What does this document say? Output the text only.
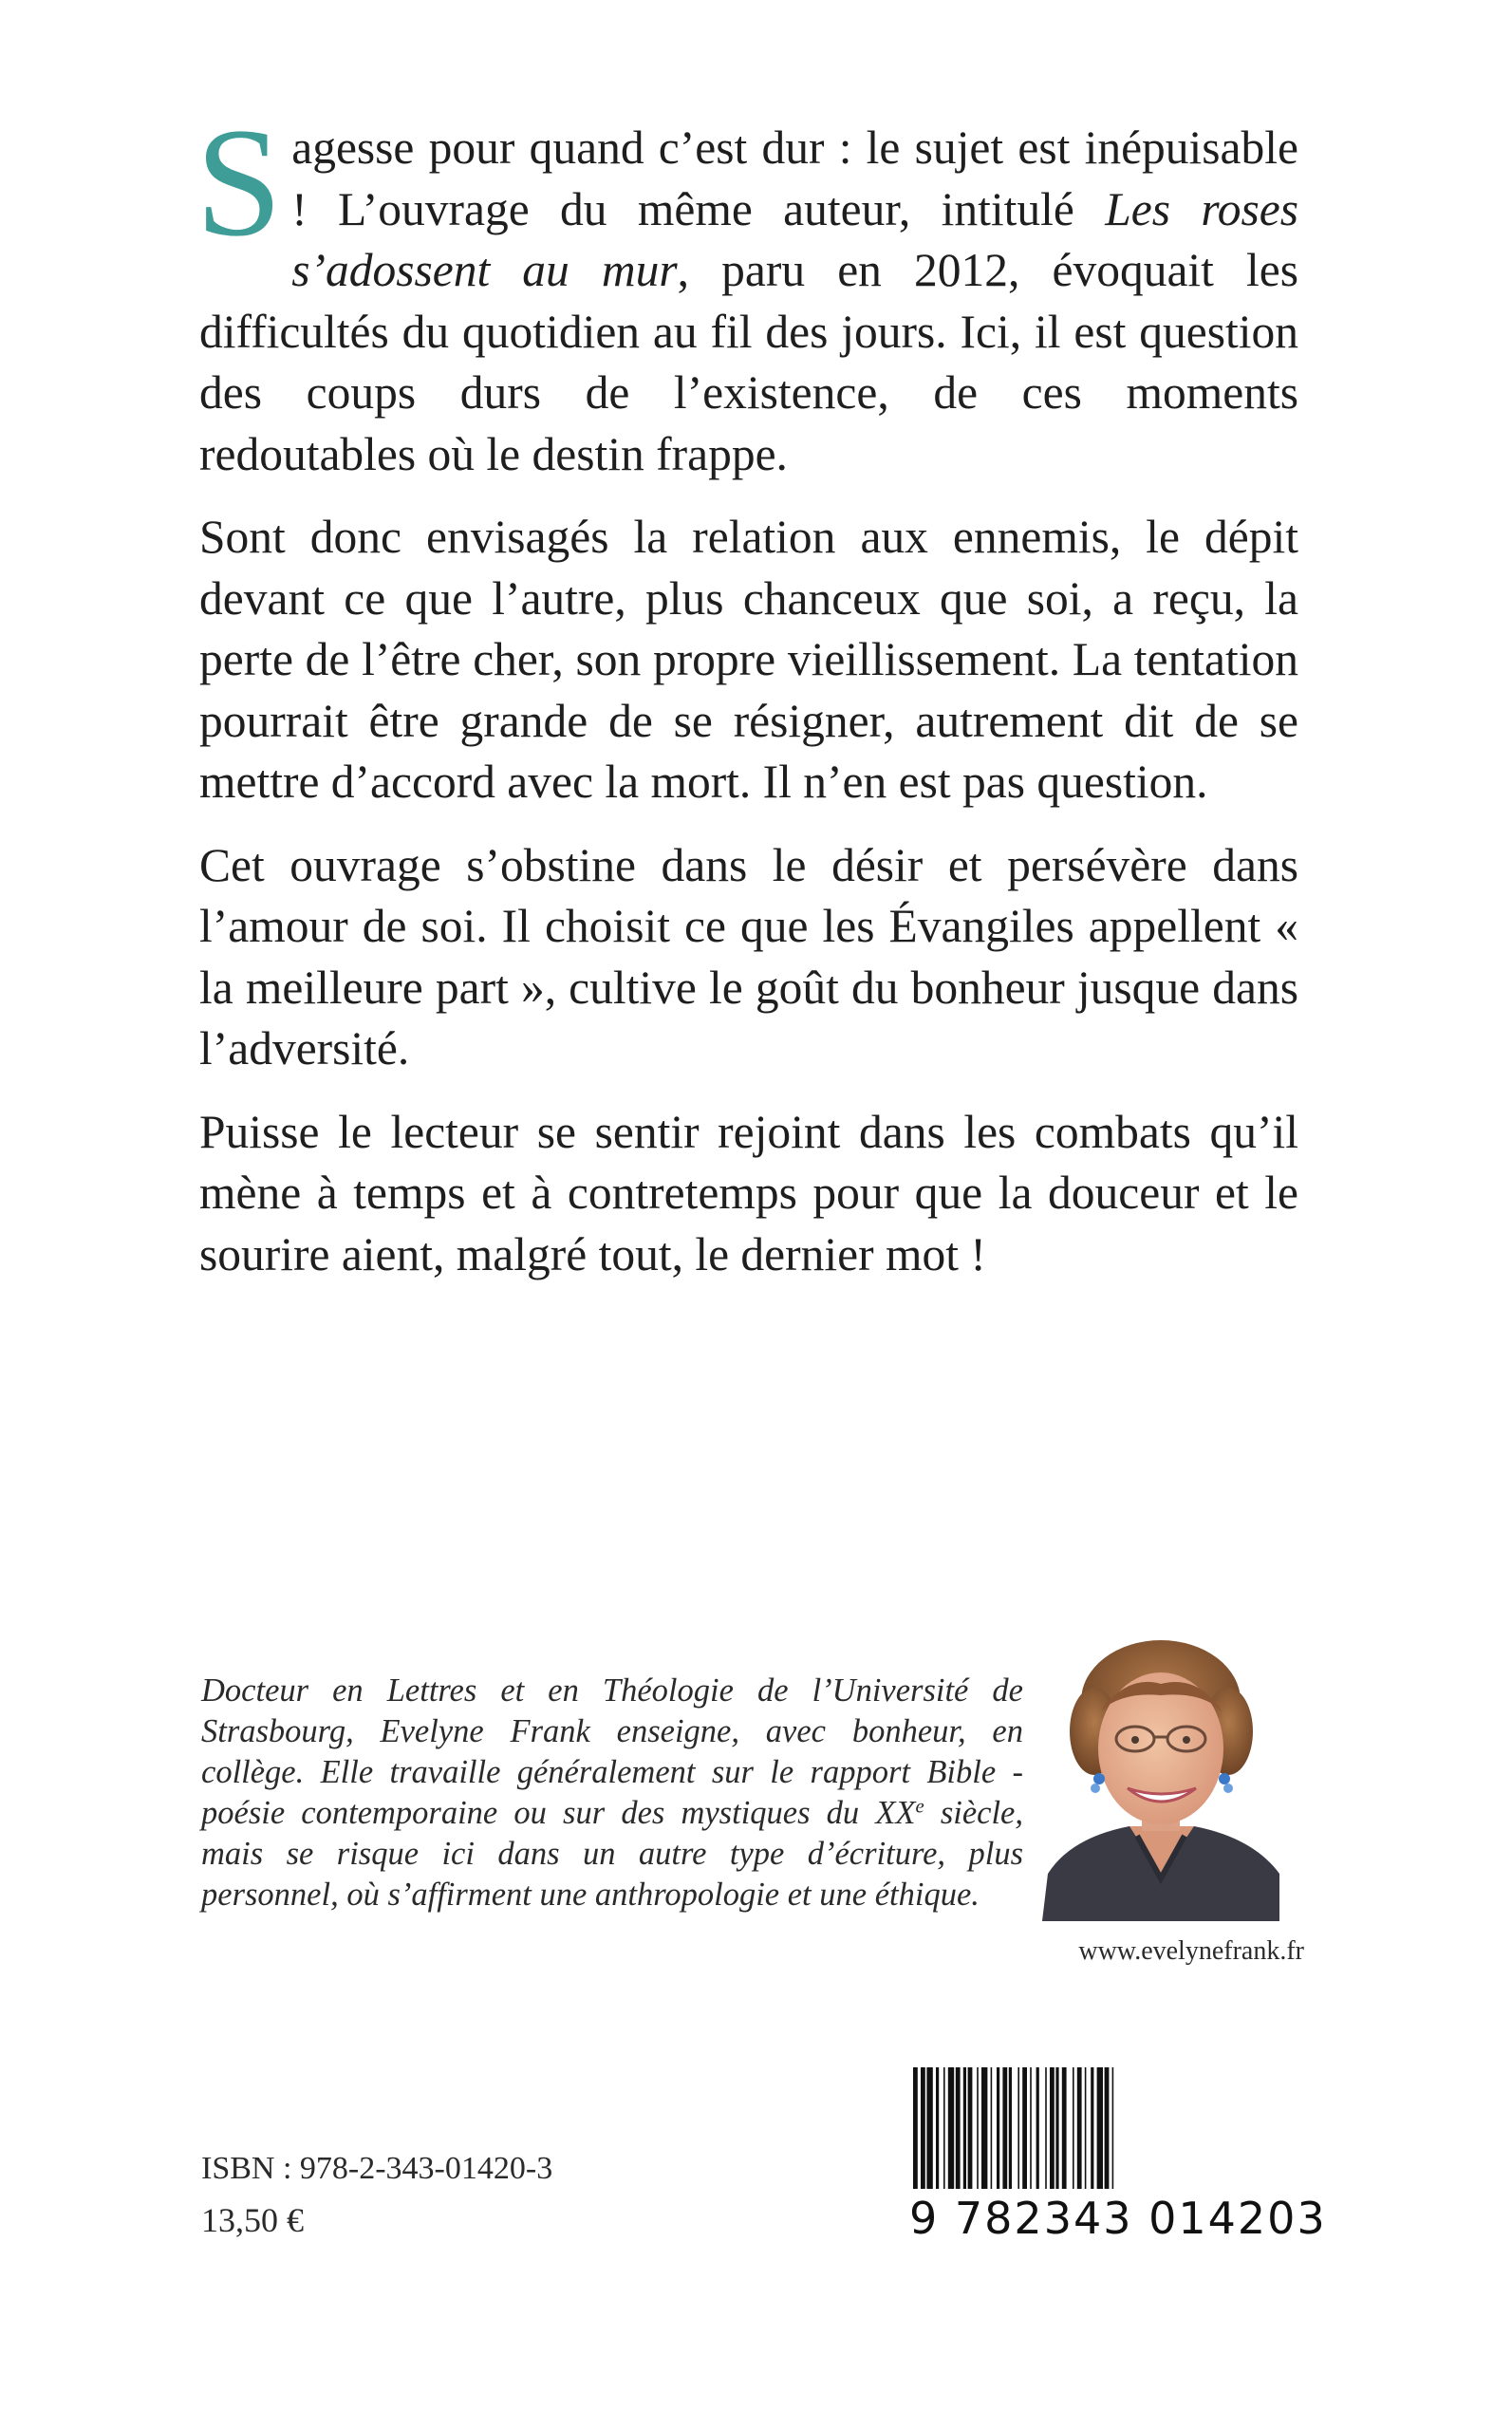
Sagesse pour quand c’est dur : le sujet est inépuisable ! L’ouvrage du même auteur, intitulé Les roses s’adossent au mur, paru en 2012, évoquait les difficultés du quotidien au fil des jours. Ici, il est question des coups durs de l’existence, de ces moments redoutables où le destin frappe.

Sont donc envisagés la relation aux ennemis, le dépit devant ce que l’autre, plus chanceux que soi, a reçu, la perte de l’être cher, son propre vieillissement. La tentation pourrait être grande de se résigner, autrement dit de se mettre d’accord avec la mort. Il n’en est pas question.

Cet ouvrage s’obstine dans le désir et persévère dans l’amour de soi. Il choisit ce que les Évangiles appellent « la meilleure part », cultive le goût du bonheur jusque dans l’adversité.

Puisse le lecteur se sentir rejoint dans les combats qu’il mène à temps et à contretemps pour que la douceur et le sourire aient, malgré tout, le dernier mot !

Docteur en Lettres et en Théologie de l’Université de Strasbourg, Evelyne Frank enseigne, avec bonheur, en collège. Elle travaille généralement sur le rapport Bible - poésie contemporaine ou sur des mystiques du XXe siècle, mais se risque ici dans un autre type d’écriture, plus personnel, où s’affirment une anthropologie et une éthique.
www.evelynefrank.fr
ISBN : 978-2-343-01420-3
13,50 €	9 782343 014203
